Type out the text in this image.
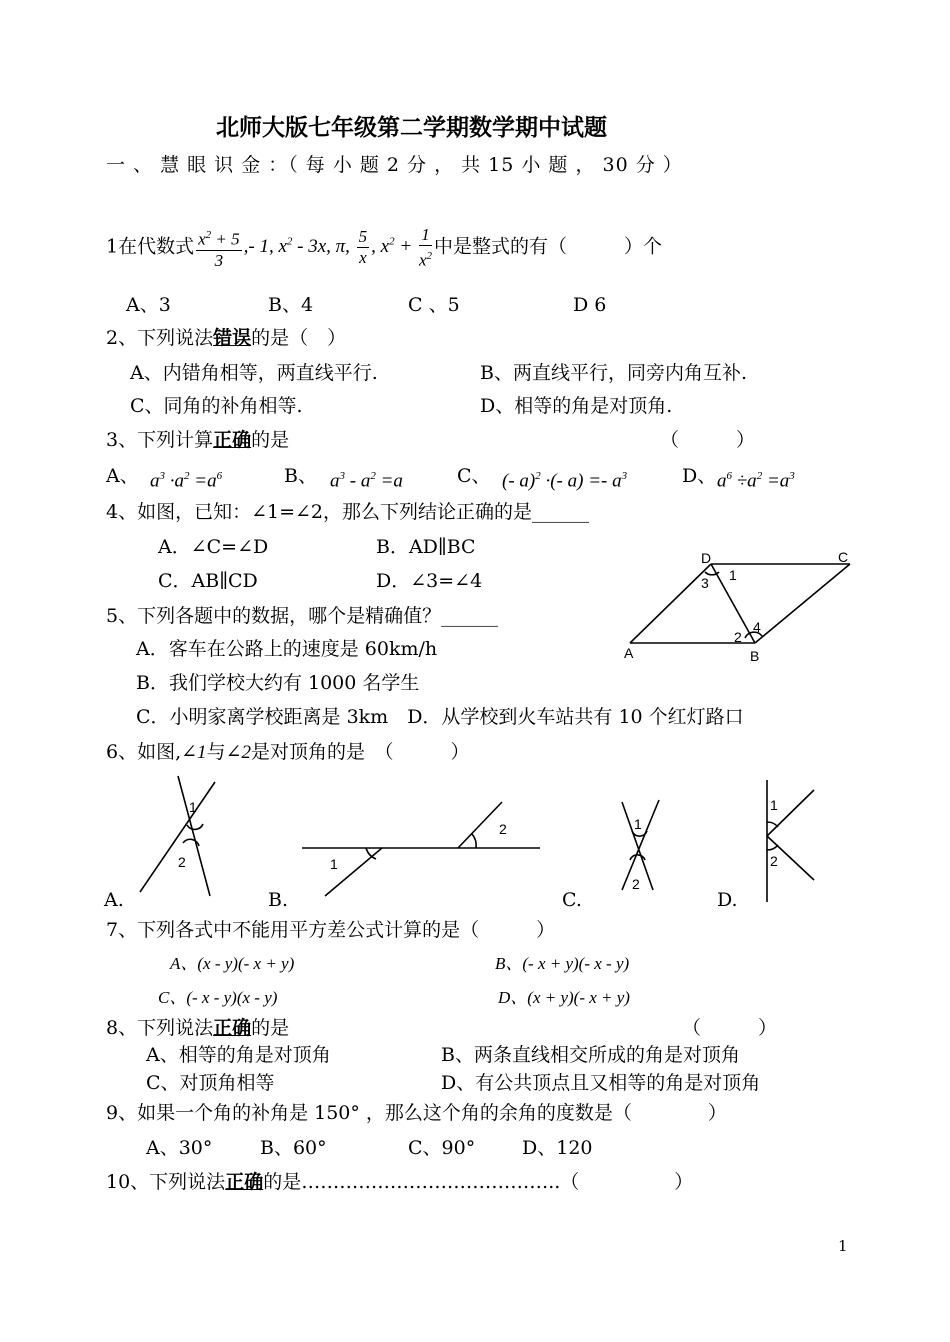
北师大版七年级第二学期数学期中试题
一 、 慧 眼 识 金 ：（ 每 小 题 2 分 ， 共 15 小 题 ， 30 分 ）
1在代数式 $\frac{x^2 + 5}{3}$ ,- 1, $x^2 - 3x$, π, $\frac{5}{x}$ , $x^2 + \frac{1}{x^2}$ 中是整式的有（　　　）个
A、3	B、4	C 、5	D 6
2、下列说法错误的是（　）
A、内错角相等，两直线平行.	B、两直线平行，同旁内角互补.
C、同角的补角相等.	D、相等的角是对顶角.
3、下列计算正确的是	（　　　）
A、 $a^3 \cdot a^2 =a^6$	B、 $a^3 - a^2 =a$	C、 (- a)$^2$ ·(- $a) =- a^3$	D、 $a^6 \div a^2 =a^3$
4、如图，已知：∠1=∠2，那么下列结论正确的是______
A．∠C=∠D	B．AD∥BC
C．AB∥CD	D．∠3=∠4
A	B
C
D
1
2
3
4
5、下列各题中的数据，哪个是精确值？______
A．客车在公路上的速度是 60km/h
B．我们学校大约有 1000 名学生
C．小明家离学校距离是 3km　D．从学校到火车站共有 10 个红灯路口
6、如图,∠1与∠2是对顶角的是　（　　　）
1
2	1
2	1
2
1
2
A.	B.	C.	D.
7、下列各式中不能用平方差公式计算的是（　　　）
A、(x - y)(- x + y)	B、(- x + y)(- x - y)
C、(- x - y)(x - y)	D、(x + y)(- x + y)
8、下列说法正确的是	（　　　）
A、相等的角是对顶角	B、两条直线相交所成的角是对顶角
C、对顶角相等	D、有公共顶点且又相等的角是对顶角
9、如果一个角的补角是 150° ，那么这个角的余角的度数是（　　　　）
A、30°	B、60°	C、90° D、120
10、下列说法正确的是…………………………………..（　　　　　）
1
